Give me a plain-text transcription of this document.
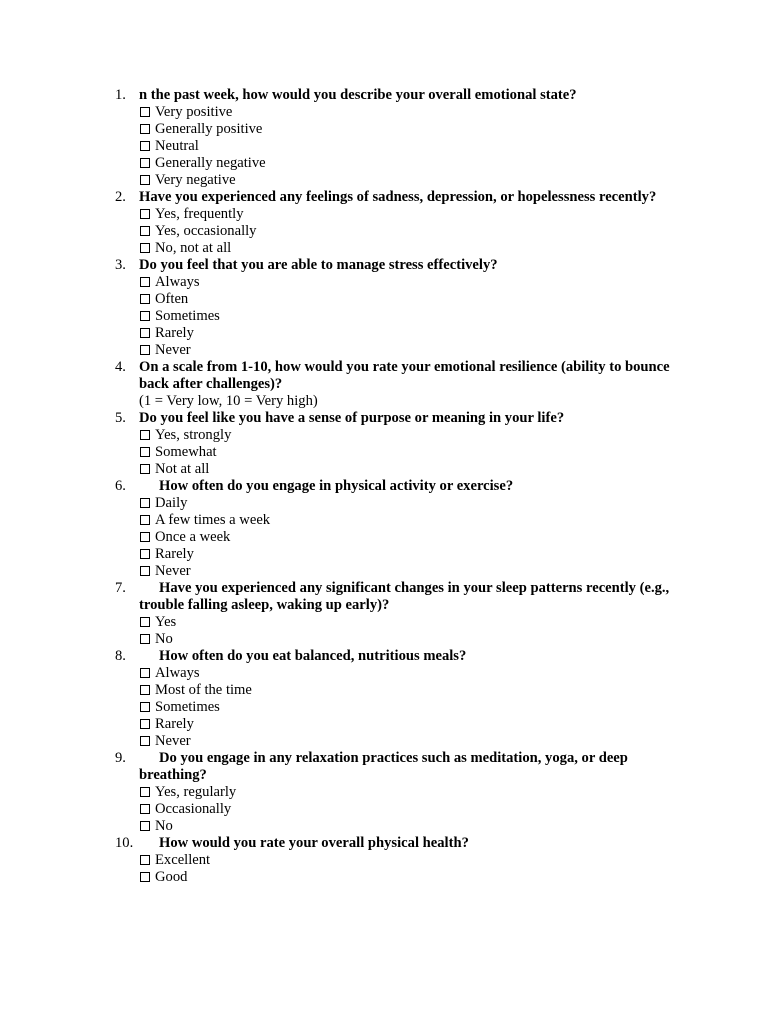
1. n the past week, how would you describe your overall emotional state?
Very positive
Generally positive
Neutral
Generally negative
Very negative
2. Have you experienced any feelings of sadness, depression, or hopelessness recently?
Yes, frequently
Yes, occasionally
No, not at all
3. Do you feel that you are able to manage stress effectively?
Always
Often
Sometimes
Rarely
Never
4. On a scale from 1-10, how would you rate your emotional resilience (ability to bounce back after challenges)?
(1 = Very low, 10 = Very high)
5. Do you feel like you have a sense of purpose or meaning in your life?
Yes, strongly
Somewhat
Not at all
6.	How often do you engage in physical activity or exercise?
Daily
A few times a week
Once a week
Rarely
Never
7.	Have you experienced any significant changes in your sleep patterns recently (e.g., trouble falling asleep, waking up early)?
Yes
No
8.	How often do you eat balanced, nutritious meals?
Always
Most of the time
Sometimes
Rarely
Never
9.	Do you engage in any relaxation practices such as meditation, yoga, or deep breathing?
Yes, regularly
Occasionally
No
10.	How would you rate your overall physical health?
Excellent
Good
